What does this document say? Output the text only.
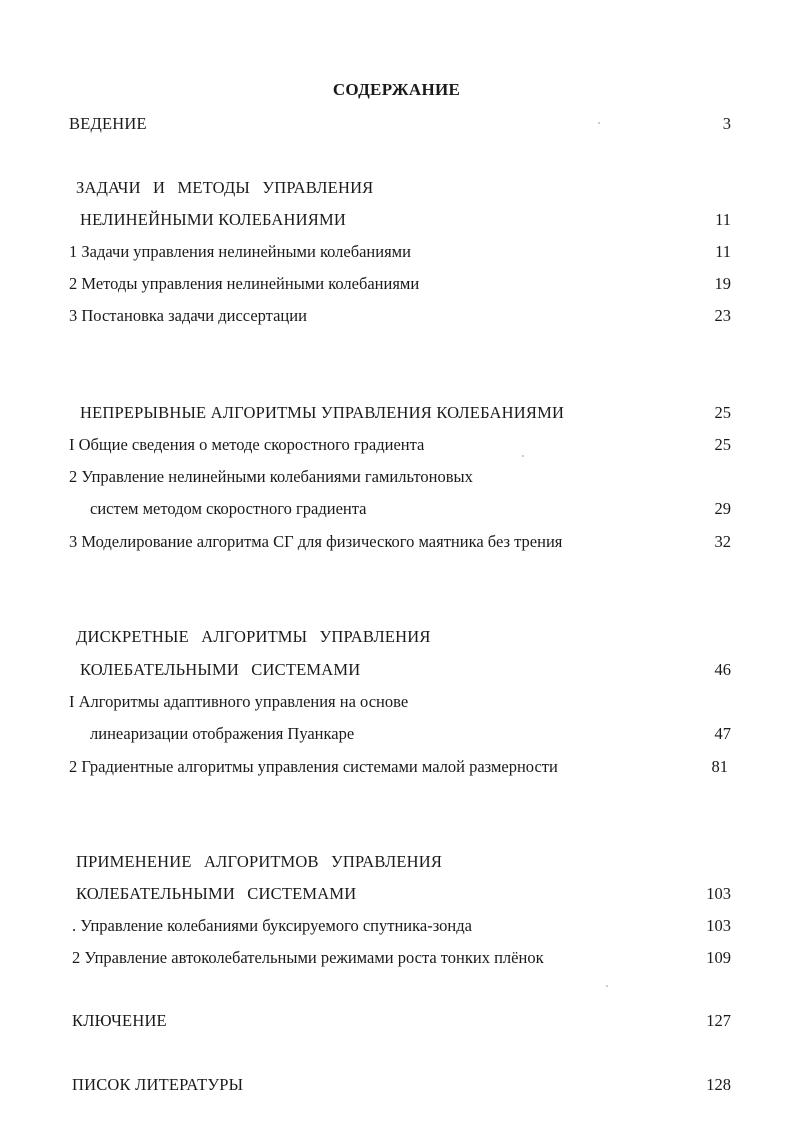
СОДЕРЖАНИЕ
ВЕДЕНИЕ	3
ЗАДАЧИ И МЕТОДЫ УПРАВЛЕНИЯ
НЕЛИНЕЙНЫМИ КОЛЕБАНИЯМИ	11
1 Задачи управления нелинейными колебаниями	11
2 Методы управления нелинейными колебаниями	19
3 Постановка задачи диссертации	23
НЕПРЕРЫВНЫЕ АЛГОРИТМЫ УПРАВЛЕНИЯ КОЛЕБАНИЯМИ	25
I Общие сведения о методе скоростного градиента	25
2 Управление нелинейными колебаниями гамильтоновых
систем методом скоростного градиента	29
3 Моделирование алгоритма СГ для физического маятника без трения	32
ДИСКРЕТНЫЕ АЛГОРИТМЫ УПРАВЛЕНИЯ
КОЛЕБАТЕЛЬНЫМИ СИСТЕМАМИ	46
I Алгоритмы адаптивного управления на основе
линеаризации отображения Пуанкаре	47
2 Градиентные алгоритмы управления системами малой размерности	81
ПРИМЕНЕНИЕ АЛГОРИТМОВ УПРАВЛЕНИЯ
КОЛЕБАТЕЛЬНЫМИ СИСТЕМАМИ	103
. Управление колебаниями буксируемого спутника-зонда	103
2 Управление автоколебательными режимами роста тонких плёнок	109
КЛЮЧЕНИЕ	127
ПИСОК ЛИТЕРАТУРЫ	128
